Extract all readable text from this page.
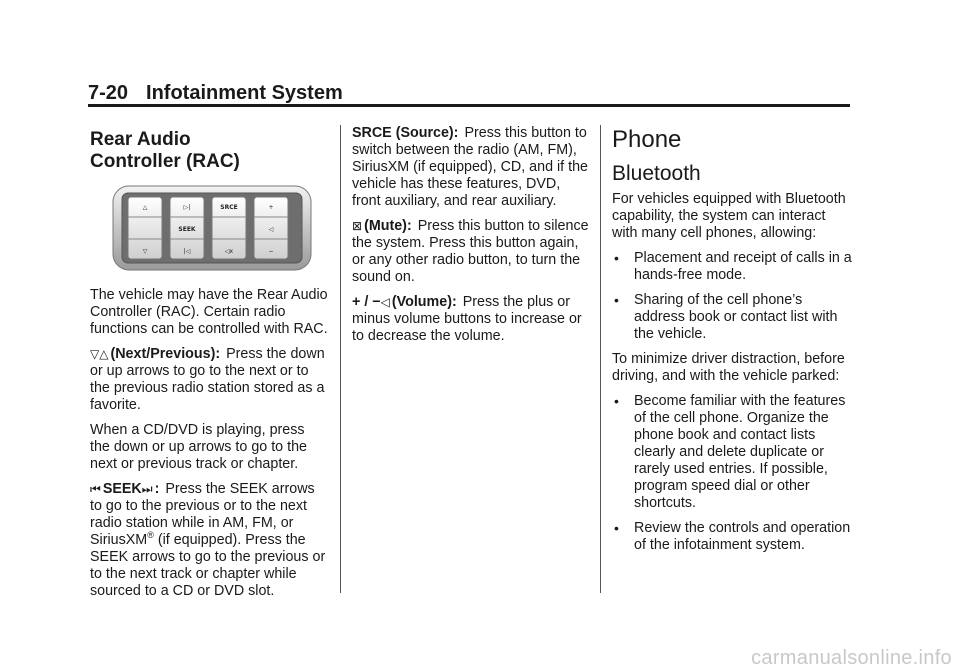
7-20 Infotainment System
Rear Audio
Controller (RAC)
△	▷|	SRCE	+
SEEK	◁
▽	|◁	◁x	−

The vehicle may have the Rear Audio Controller (RAC). Certain radio functions can be controlled with RAC.

▽△ (Next/Previous): Press the down or up arrows to go to the next or to the previous radio station stored as a favorite.

When a CD/DVD is playing, press the down or up arrows to go to the next or previous track or chapter.

⏮ SEEK⏭ : Press the SEEK arrows to go to the previous or to the next radio station while in AM, FM, or SiriusXM® (if equipped). Press the SEEK arrows to go to the previous or to the next track or chapter while sourced to a CD or DVD slot.

SRCE (Source): Press this button to switch between the radio (AM, FM), SiriusXM (if equipped), CD, and if the vehicle has these features, DVD, front auxiliary, and rear auxiliary.

⊠ (Mute): Press this button to silence the system. Press this button again, or any other radio button, to turn the sound on.

+ / −◁ (Volume): Press the plus or minus volume buttons to increase or to decrease the volume.

Phone
Bluetooth

For vehicles equipped with Bluetooth capability, the system can interact with many cell phones, allowing:

• Placement and receipt of calls in a hands-free mode.
• Sharing of the cell phone’s address book or contact list with the vehicle.

To minimize driver distraction, before driving, and with the vehicle parked:

• Become familiar with the features of the cell phone. Organize the phone book and contact lists clearly and delete duplicate or rarely used entries. If possible, program speed dial or other shortcuts.
• Review the controls and operation of the infotainment system.
carmanualsonline.info
